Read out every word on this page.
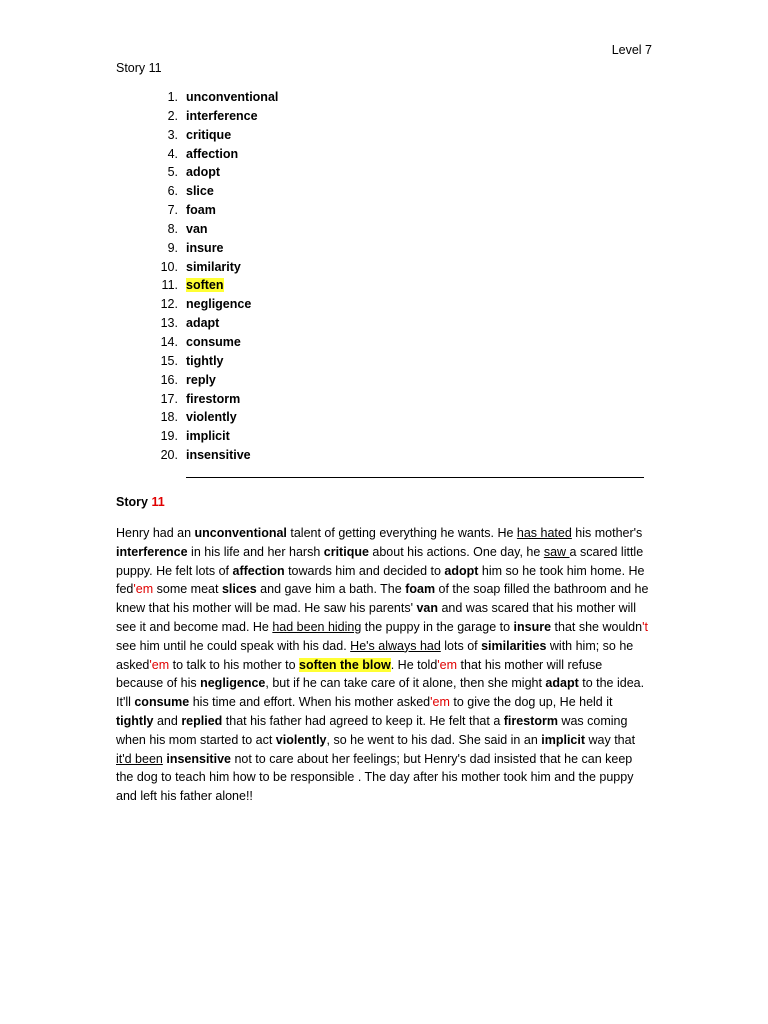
Level 7
Story 11
1. unconventional
2. interference
3. critique
4. affection
5. adopt
6. slice
7. foam
8. van
9. insure
10. similarity
11. soften
12. negligence
13. adapt
14. consume
15. tightly
16. reply
17. firestorm
18. violently
19. implicit
20. insensitive
Story 11

Henry had an unconventional talent of getting everything he wants. He has hated his mother's interference in his life and her harsh critique about his actions. One day, he saw a scared little puppy. He felt lots of affection towards him and decided to adopt him so he took him home. He fed'em some meat slices and gave him a bath. The foam of the soap filled the bathroom and he knew that his mother will be mad. He saw his parents' van and was scared that his mother will see it and become mad. He had been hiding the puppy in the garage to insure that she wouldn't see him until he could speak with his dad. He's always had lots of similarities with him; so he asked'em to talk to his mother to soften the blow. He told'em that his mother will refuse because of his negligence, but if he can take care of it alone, then she might adapt to the idea. It'll consume his time and effort. When his mother asked'em to give the dog up, He held it tightly and replied that his father had agreed to keep it. He felt that a firestorm was coming when his mom started to act violently, so he went to his dad. She said in an implicit way that it'd been insensitive not to care about her feelings; but Henry's dad insisted that he can keep the dog to teach him how to be responsible . The day after his mother took him and the puppy and left his father alone!!
